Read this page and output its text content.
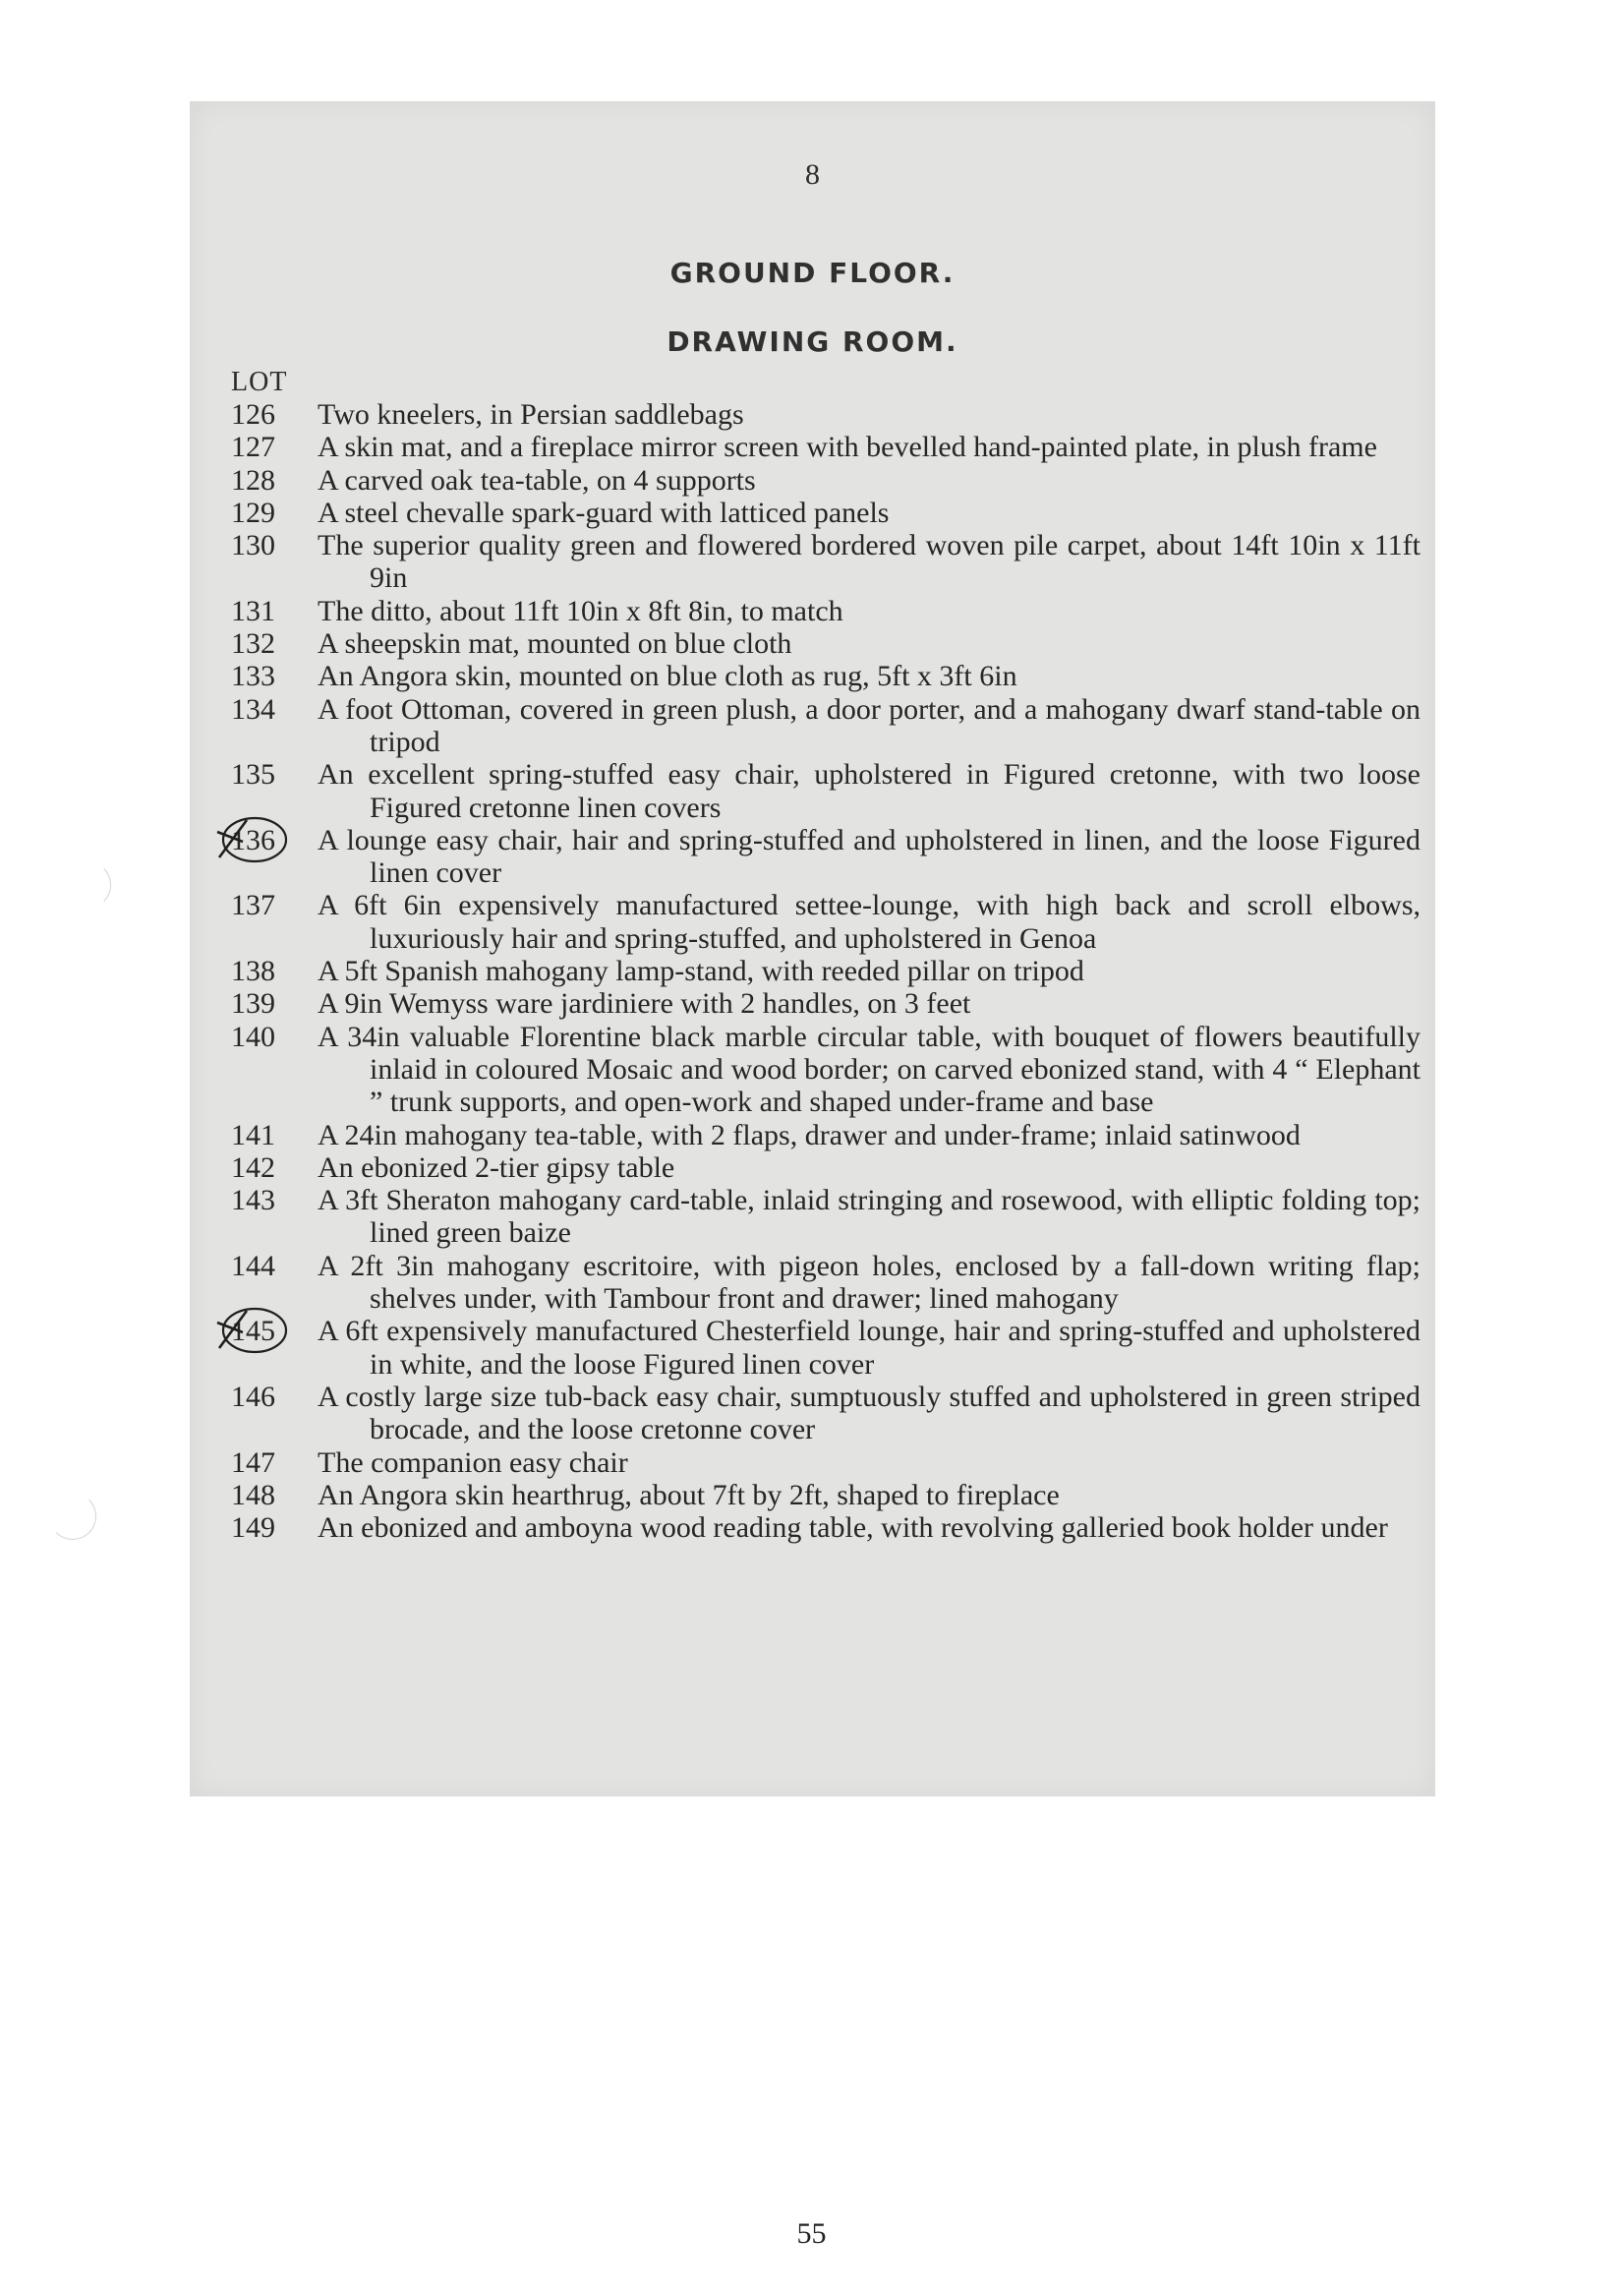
8
GROUND FLOOR.
DRAWING ROOM.
LOT
126	Two kneelers, in Persian saddlebags
127	A skin mat, and a fireplace mirror screen with bevelled hand-painted plate, in plush frame
128	A carved oak tea-table, on 4 supports
129	A steel chevalle spark-guard with latticed panels
130	The superior quality green and flowered bordered woven pile carpet, about 14ft 10in x 11ft 9in
131	The ditto, about 11ft 10in x 8ft 8in, to match
132	A sheepskin mat, mounted on blue cloth
133	An Angora skin, mounted on blue cloth as rug, 5ft x 3ft 6in
134	A foot Ottoman, covered in green plush, a door porter, and a mahogany dwarf stand-table on tripod
135	An excellent spring-stuffed easy chair, upholstered in Figured cretonne, with two loose Figured cretonne linen covers
136	A lounge easy chair, hair and spring-stuffed and upholstered in linen, and the loose Figured linen cover
137	A 6ft 6in expensively manufactured settee-lounge, with high back and scroll elbows, luxuriously hair and spring-stuffed, and upholstered in Genoa
138	A 5ft Spanish mahogany lamp-stand, with reeded pillar on tripod
139	A 9in Wemyss ware jardiniere with 2 handles, on 3 feet
140	A 34in valuable Florentine black marble circular table, with bouquet of flowers beautifully inlaid in coloured Mosaic and wood border; on carved ebonized stand, with 4 “ Elephant ” trunk supports, and open-work and shaped under-frame and base
141	A 24in mahogany tea-table, with 2 flaps, drawer and under-frame; inlaid satinwood
142	An ebonized 2-tier gipsy table
143	A 3ft Sheraton mahogany card-table, inlaid stringing and rosewood, with elliptic folding top; lined green baize
144	A 2ft 3in mahogany escritoire, with pigeon holes, enclosed by a fall-down writing flap; shelves under, with Tambour front and drawer; lined mahogany
145	A 6ft expensively manufactured Chesterfield lounge, hair and spring-stuffed and upholstered in white, and the loose Figured linen cover
146	A costly large size tub-back easy chair, sumptuously stuffed and upholstered in green striped brocade, and the loose cretonne cover
147	The companion easy chair
148	An Angora skin hearthrug, about 7ft by 2ft, shaped to fireplace
149	An ebonized and amboyna wood reading table, with revolving galleried book holder under
55
